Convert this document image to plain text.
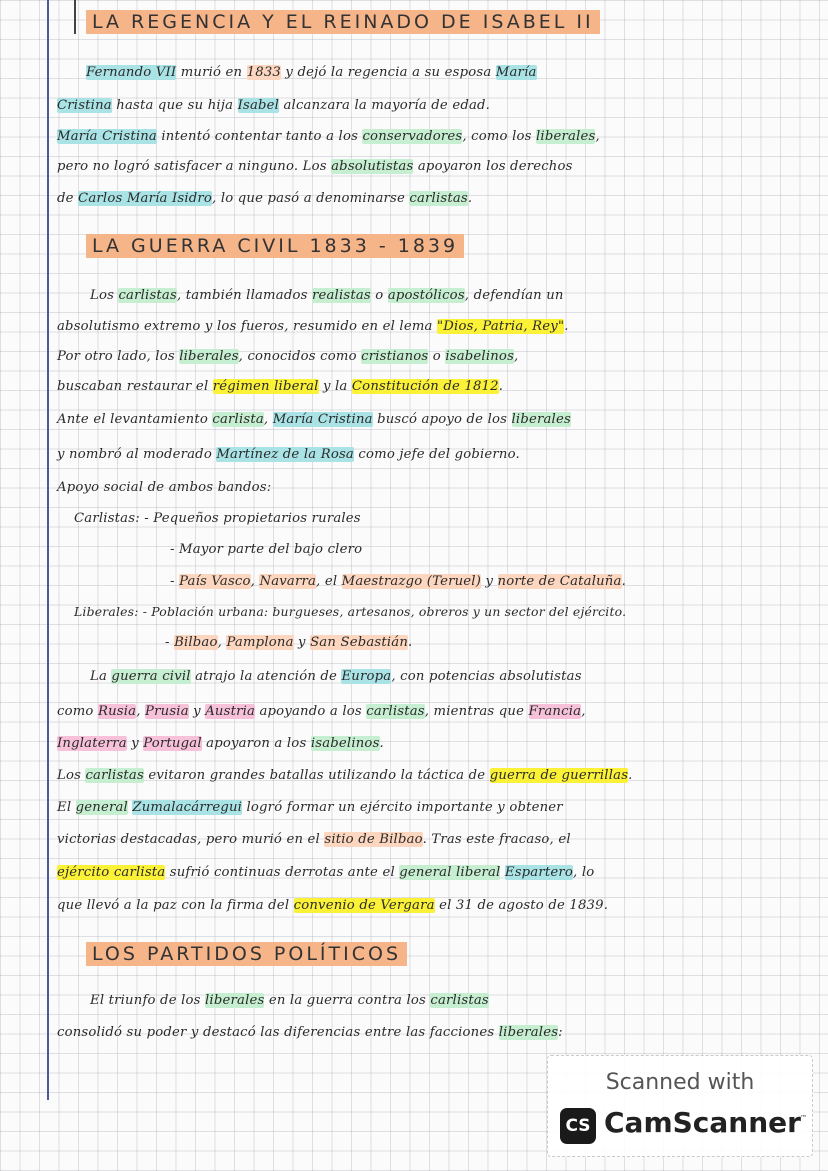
LA REGENCIA Y EL REINADO DE ISABEL II
Fernando VII murió en 1833 y dejó la regencia a su esposa María
Cristina hasta que su hija Isabel alcanzara la mayoría de edad.
María Cristina intentó contentar tanto a los conservadores, como los liberales,
pero no logró satisfacer a ninguno. Los absolutistas apoyaron los derechos
de Carlos María Isidro, lo que pasó a denominarse carlistas.
LA GUERRA CIVIL 1833 - 1839
Los carlistas, también llamados realistas o apostólicos, defendían un
absolutismo extremo y los fueros, resumido en el lema "Dios, Patria, Rey".
Por otro lado, los liberales, conocidos como cristianos o isabelinos,
buscaban restaurar el régimen liberal y la Constitución de 1812.
Ante el levantamiento carlista, María Cristina buscó apoyo de los liberales
y nombró al moderado Martínez de la Rosa como jefe del gobierno.
Apoyo social de ambos bandos:
Carlistas: - Pequeños propietarios rurales
- Mayor parte del bajo clero
- País Vasco, Navarra, el Maestrazgo (Teruel) y norte de Cataluña.
Liberales: - Población urbana: burgueses, artesanos, obreros y un sector del ejército.
- Bilbao, Pamplona y San Sebastián.
La guerra civil atrajo la atención de Europa, con potencias absolutistas
como Rusia, Prusia y Austria apoyando a los carlistas, mientras que Francia,
Inglaterra y Portugal apoyaron a los isabelinos.
Los carlistas evitaron grandes batallas utilizando la táctica de guerra de guerrillas.
El general Zumalacárregui logró formar un ejército importante y obtener
victorias destacadas, pero murió en el sitio de Bilbao. Tras este fracaso, el
ejército carlista sufrió continuas derrotas ante el general liberal Espartero, lo
que llevó a la paz con la firma del convenio de Vergara el 31 de agosto de 1839.
LOS PARTIDOS POLÍTICOS
El triunfo de los liberales en la guerra contra los carlistas
consolidó su poder y destacó las diferencias entre las facciones liberales:
Scanned with
CS CamScanner ™
